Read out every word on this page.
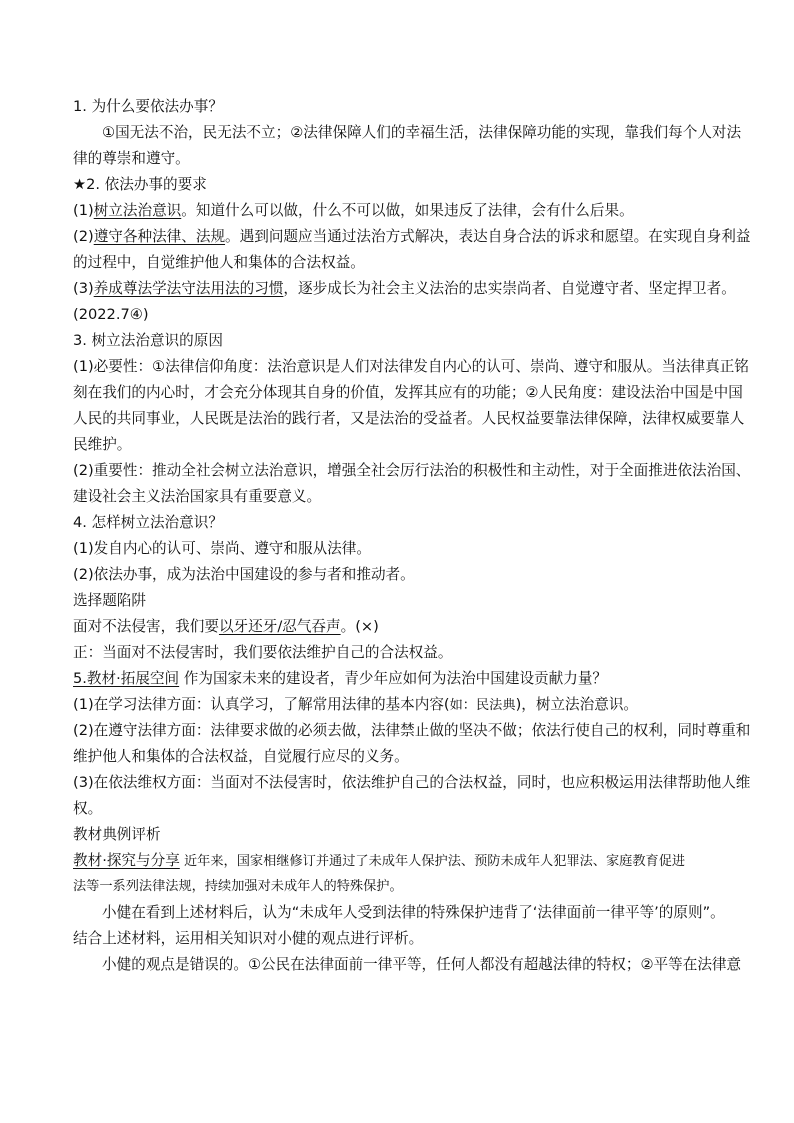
1. 为什么要依法办事？
①国无法不治，民无法不立；②法律保障人们的幸福生活，法律保障功能的实现，靠我们每个人对法
律的尊崇和遵守。
★2. 依法办事的要求
(1)树立法治意识。知道什么可以做，什么不可以做，如果违反了法律，会有什么后果。
(2)遵守各种法律、法规。遇到问题应当通过法治方式解决，表达自身合法的诉求和愿望。在实现自身利益
的过程中，自觉维护他人和集体的合法权益。
(3)养成尊法学法守法用法的习惯，逐步成长为社会主义法治的忠实崇尚者、自觉遵守者、坚定捍卫者。
(2022.7④)
3. 树立法治意识的原因
(1)必要性：①法律信仰角度：法治意识是人们对法律发自内心的认可、崇尚、遵守和服从。当法律真正铭
刻在我们的内心时，才会充分体现其自身的价值，发挥其应有的功能；②人民角度：建设法治中国是中国
人民的共同事业，人民既是法治的践行者，又是法治的受益者。人民权益要靠法律保障，法律权威要靠人
民维护。
(2)重要性：推动全社会树立法治意识，增强全社会厉行法治的积极性和主动性，对于全面推进依法治国、
建设社会主义法治国家具有重要意义。
4. 怎样树立法治意识？
(1)发自内心的认可、崇尚、遵守和服从法律。
(2)依法办事，成为法治中国建设的参与者和推动者。
选择题陷阱
面对不法侵害，我们要以牙还牙/忍气吞声。(×)
正：当面对不法侵害时，我们要依法维护自己的合法权益。
5.教材·拓展空间 作为国家未来的建设者，青少年应如何为法治中国建设贡献力量？
(1)在学习法律方面：认真学习，了解常用法律的基本内容(如：民法典)，树立法治意识。
(2)在遵守法律方面：法律要求做的必须去做，法律禁止做的坚决不做；依法行使自己的权利，同时尊重和
维护他人和集体的合法权益，自觉履行应尽的义务。
(3)在依法维权方面：当面对不法侵害时，依法维护自己的合法权益，同时，也应积极运用法律帮助他人维
权。
教材典例评析
教材·探究与分享 近年来，国家相继修订并通过了未成年人保护法、预防未成年人犯罪法、家庭教育促进
法等一系列法律法规，持续加强对未成年人的特殊保护。
小健在看到上述材料后，认为“未成年人受到法律的特殊保护违背了‘法律面前一律平等’的原则”。
结合上述材料，运用相关知识对小健的观点进行评析。
小健的观点是错误的。①公民在法律面前一律平等，任何人都没有超越法律的特权；②平等在法律意
